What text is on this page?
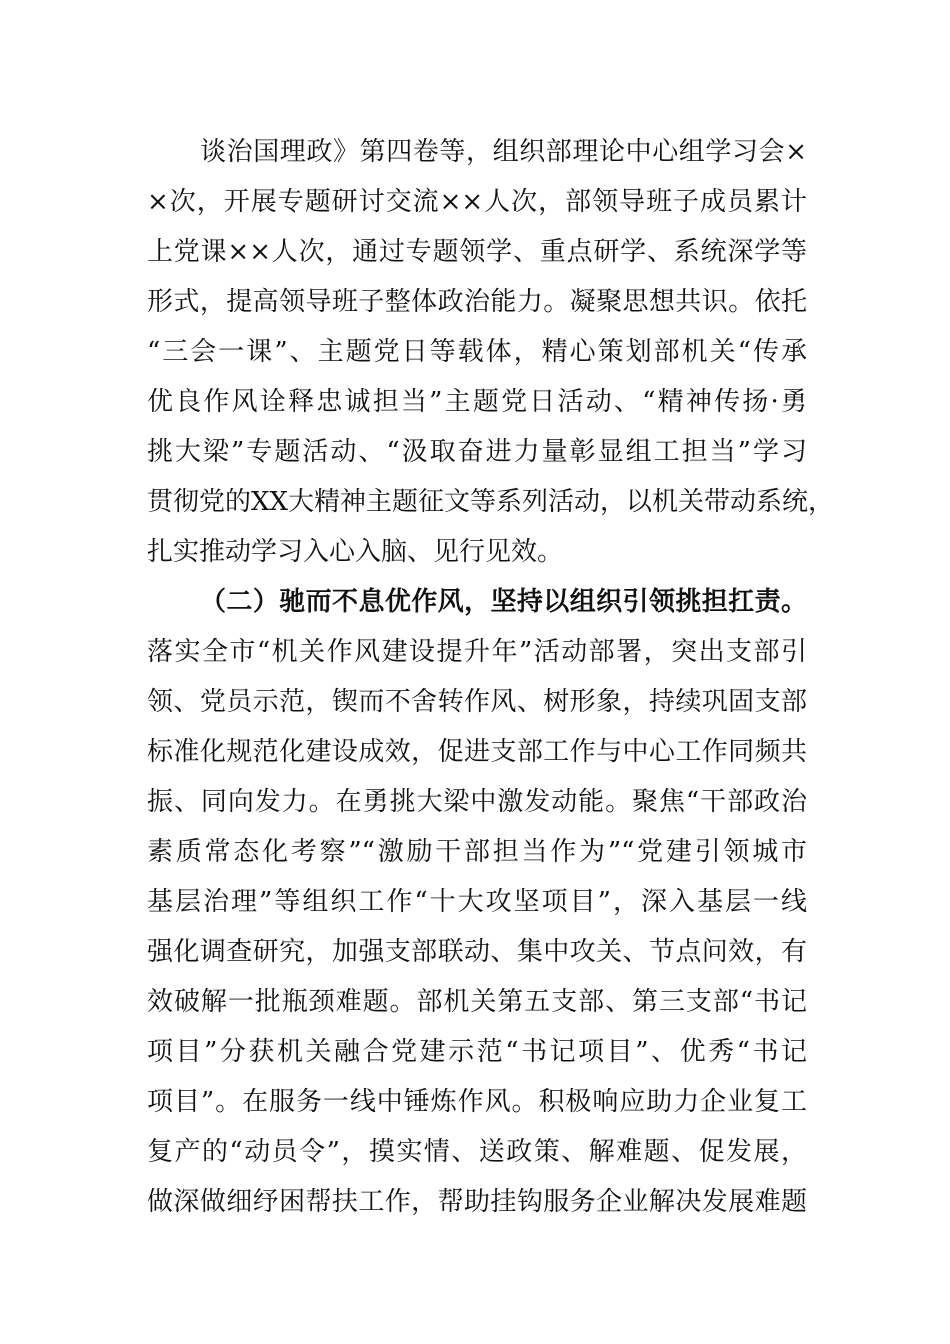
谈治国理政》第四卷等，组织部理论中心组学习会×
×次，开展专题研讨交流××人次，部领导班子成员累计
上党课××人次，通过专题领学、重点研学、系统深学等
形式，提高领导班子整体政治能力。凝聚思想共识。依托
“三会一课”、主题党日等载体，精心策划部机关“传承
优良作风诠释忠诚担当”主题党日活动、“精神传扬·勇
挑大梁”专题活动、“汲取奋进力量彰显组工担当”学习
贯彻党的XX大精神主题征文等系列活动，以机关带动系统，
扎实推动学习入心入脑、见行见效。
（二）驰而不息优作风，坚持以组织引领挑担扛责。
落实全市“机关作风建设提升年”活动部署，突出支部引
领、党员示范，锲而不舍转作风、树形象，持续巩固支部
标准化规范化建设成效，促进支部工作与中心工作同频共
振、同向发力。在勇挑大梁中激发动能。聚焦“干部政治
素质常态化考察”“激励干部担当作为”“党建引领城市
基层治理”等组织工作“十大攻坚项目”，深入基层一线
强化调查研究，加强支部联动、集中攻关、节点问效，有
效破解一批瓶颈难题。部机关第五支部、第三支部“书记
项目”分获机关融合党建示范“书记项目”、优秀“书记
项目”。在服务一线中锤炼作风。积极响应助力企业复工
复产的“动员令”，摸实情、送政策、解难题、促发展，
做深做细纾困帮扶工作，帮助挂钩服务企业解决发展难题
